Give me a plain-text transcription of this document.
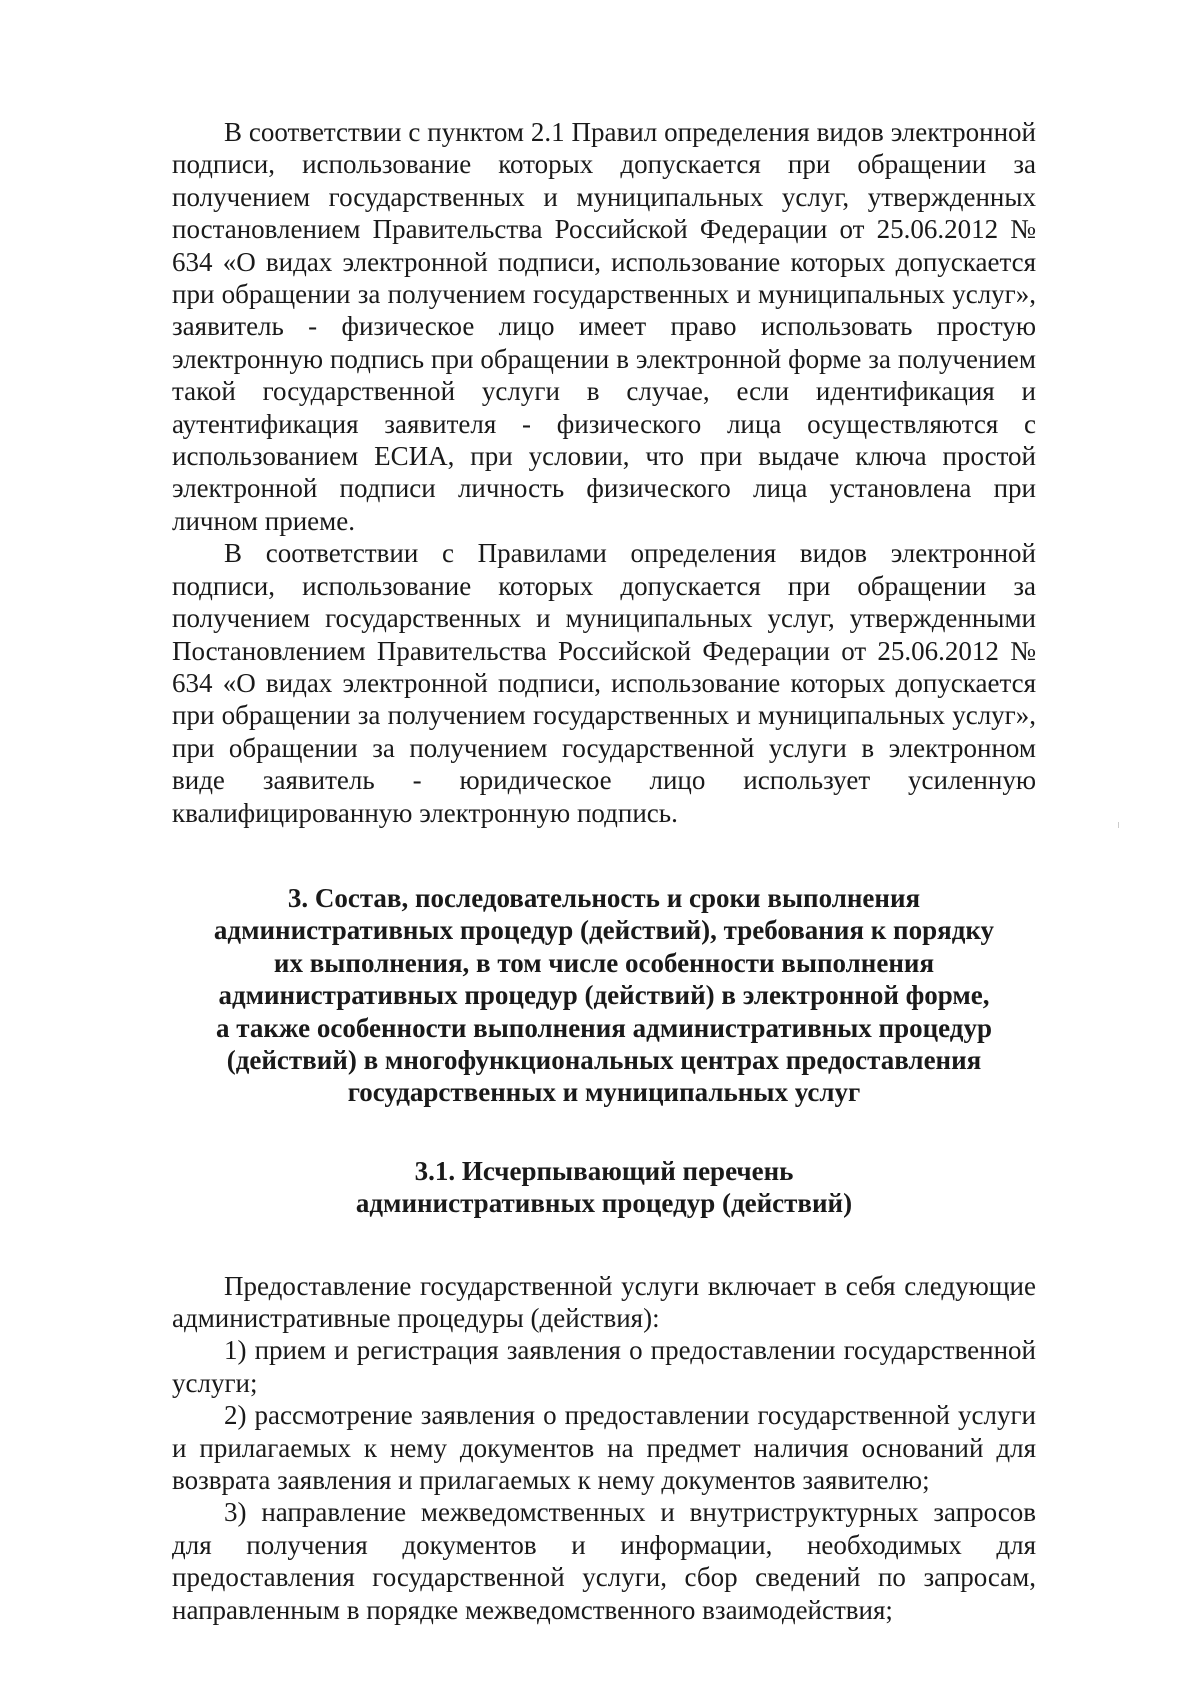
В соответствии с пунктом 2.1 Правил определения видов электронной подписи, использование которых допускается при обращении за получением государственных и муниципальных услуг, утвержденных постановлением Правительства Российской Федерации от 25.06.2012 № 634 «О видах электронной подписи, использование которых допускается при обращении за получением государственных и муниципальных услуг», заявитель - физическое лицо имеет право использовать простую электронную подпись при обращении в электронной форме за получением такой государственной услуги в случае, если идентификация и аутентификация заявителя - физического лица осуществляются с использованием ЕСИА, при условии, что при выдаче ключа простой электронной подписи личность физического лица установлена при личном приеме.

В соответствии с Правилами определения видов электронной подписи, использование которых допускается при обращении за получением государственных и муниципальных услуг, утвержденными Постановлением Правительства Российской Федерации от 25.06.2012 № 634 «О видах электронной подписи, использование которых допускается при обращении за получением государственных и муниципальных услуг», при обращении за получением государственной услуги в электронном виде заявитель - юридическое лицо использует усиленную квалифицированную электронную подпись.

3. Состав, последовательность и сроки выполнения
административных процедур (действий), требования к порядку
их выполнения, в том числе особенности выполнения
административных процедур (действий) в электронной форме,
а также особенности выполнения административных процедур
(действий) в многофункциональных центрах предоставления
государственных и муниципальных услуг
3.1. Исчерпывающий перечень
административных процедур (действий)

Предоставление государственной услуги включает в себя следующие административные процедуры (действия):

1) прием и регистрация заявления о предоставлении государственной услуги;

2) рассмотрение заявления о предоставлении государственной услуги и прилагаемых к нему документов на предмет наличия оснований для возврата заявления и прилагаемых к нему документов заявителю;

3) направление межведомственных и внутриструктурных запросов для получения документов и информации, необходимых для предоставления государственной услуги, сбор сведений по запросам, направленным в порядке межведомственного взаимодействия;
